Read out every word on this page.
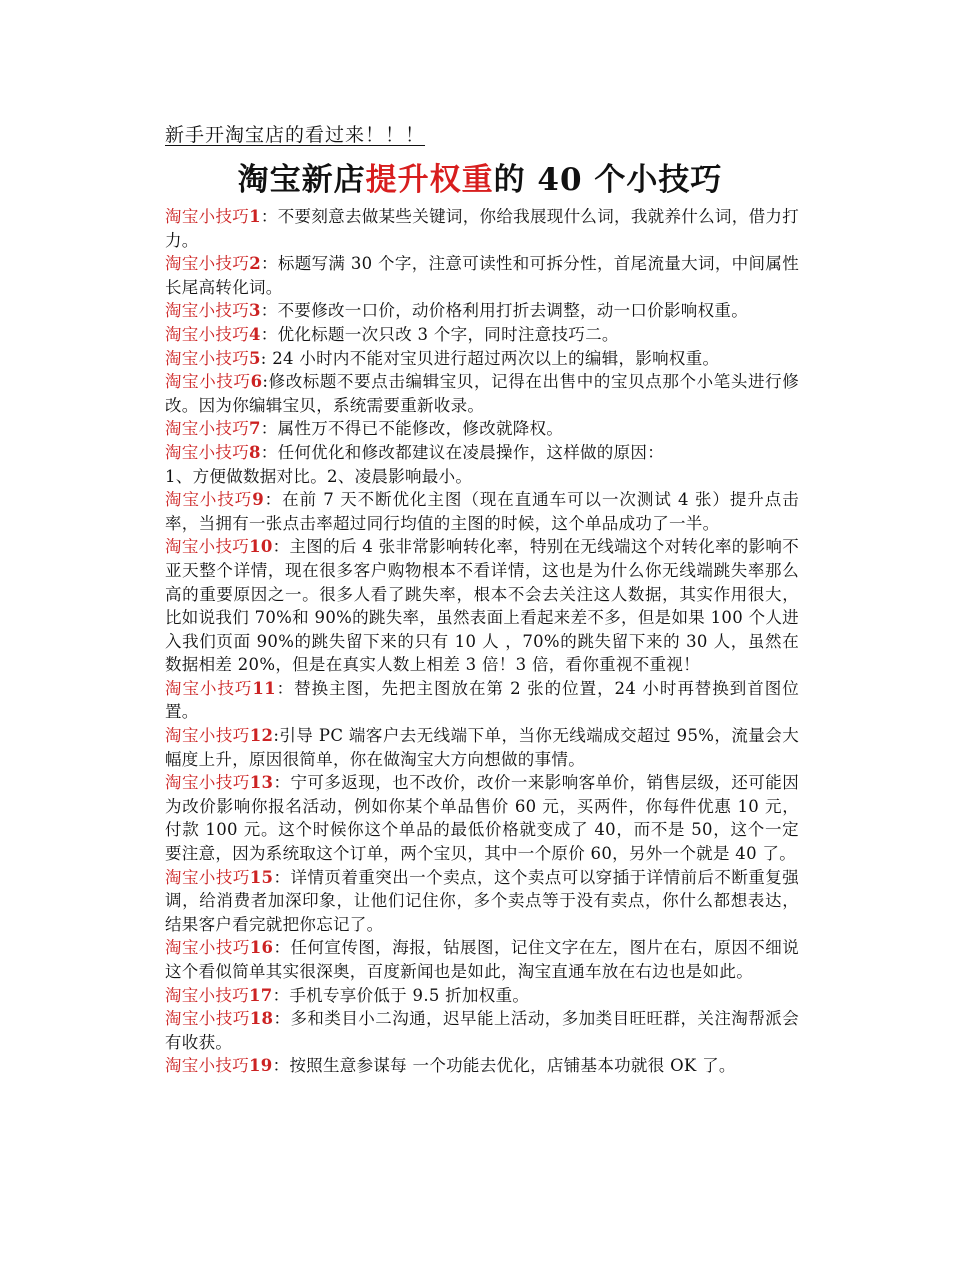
新手开淘宝店的看过来！！！
淘宝新店提升权重的 40 个小技巧

淘宝小技巧1：不要刻意去做某些关键词，你给我展现什么词，我就养什么词，借力打力。

淘宝小技巧2：标题写满 30 个字，注意可读性和可拆分性，首尾流量大词，中间属性长尾高转化词。

淘宝小技巧3：不要修改一口价，动价格利用打折去调整，动一口价影响权重。

淘宝小技巧4：优化标题一次只改 3 个字，同时注意技巧二。

淘宝小技巧5: 24 小时内不能对宝贝进行超过两次以上的编辑，影响权重。

淘宝小技巧6:修改标题不要点击编辑宝贝，记得在出售中的宝贝点那个小笔头进行修改。因为你编辑宝贝，系统需要重新收录。

淘宝小技巧7：属性万不得已不能修改，修改就降权。

淘宝小技巧8：任何优化和修改都建议在凌晨操作，这样做的原因：

1、方便做数据对比。2、凌晨影响最小。

淘宝小技巧9：在前 7 天不断优化主图（现在直通车可以一次测试 4 张）提升点击率，当拥有一张点击率超过同行均值的主图的时候，这个单品成功了一半。

淘宝小技巧10：主图的后 4 张非常影响转化率，特别在无线端这个对转化率的影响不亚天整个详情，现在很多客户购物根本不看详情，这也是为什么你无线端跳失率那么高的重要原因之一。很多人看了跳失率，根本不会去关注这人数据，其实作用很大，比如说我们 70%和 90%的跳失率，虽然表面上看起来差不多，但是如果 100 个人进入我们页面 90%的跳失留下来的只有 10 人 ，70%的跳失留下来的 30 人，虽然在数据相差 20%，但是在真实人数上相差 3 倍！3 倍，看你重视不重视！

淘宝小技巧11：替换主图，先把主图放在第 2 张的位置，24 小时再替换到首图位置。

淘宝小技巧12:引导 PC 端客户去无线端下单，当你无线端成交超过 95%，流量会大幅度上升，原因很简单，你在做淘宝大方向想做的事情。

淘宝小技巧13：宁可多返现，也不改价，改价一来影响客单价，销售层级，还可能因为改价影响你报名活动，例如你某个单品售价 60 元，买两件，你每件优惠 10 元，付款 100 元。这个时候你这个单品的最低价格就变成了 40，而不是 50，这个一定要注意，因为系统取这个订单，两个宝贝，其中一个原价 60，另外一个就是 40 了。

淘宝小技巧15：详情页着重突出一个卖点，这个卖点可以穿插于详情前后不断重复强调，给消费者加深印象，让他们记住你，多个卖点等于没有卖点，你什么都想表达，结果客户看完就把你忘记了。

淘宝小技巧16：任何宣传图，海报，钻展图，记住文字在左，图片在右，原因不细说这个看似简单其实很深奥，百度新闻也是如此，淘宝直通车放在右边也是如此。

淘宝小技巧17：手机专享价低于 9.5 折加权重。

淘宝小技巧18：多和类目小二沟通，迟早能上活动，多加类目旺旺群，关注淘帮派会有收获。

淘宝小技巧19：按照生意参谋每 一个功能去优化，店铺基本功就很 OK 了。
